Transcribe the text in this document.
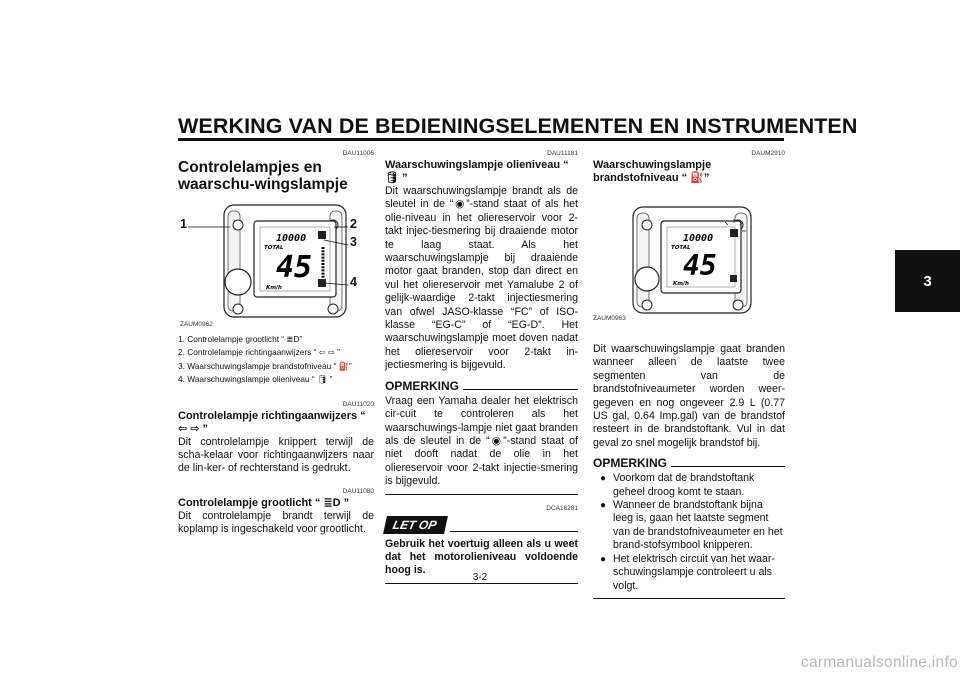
WERKING VAN DE BEDIENINGSELEMENTEN EN INSTRUMENTEN
3
DAU11006
Controlelampjes en waarschu-wingslampje
10000
TOTAL
45
Km/h
1	2
3
4
ZAUM0962
1. Controlelampje grootlicht “ ≣D”
2. Controlelampje richtingaanwijzers “ ⇦ ⇨ ”
3. Waarschuwingslampje brandstofniveau “ ⛽”
4. Waarschuwingslampje olieniveau “ 🛢 ”
DAU11020
Controlelampje richtingaanwijzers “ ⇦ ⇨ ”
Dit controlelampje knippert terwijl de scha-kelaar voor richtingaanwijzers naar de lin-ker- of rechterstand is gedrukt.
DAU11080
Controlelampje grootlicht “ ≣D ”
Dit controlelampje brandt terwijl de koplamp is ingeschakeld voor grootlicht.
DAU11181
Waarschuwingslampje olieniveau “ 🛢 ”
Dit waarschuwingslampje brandt als de sleutel in de “◉”-stand staat of als het olie-niveau in het oliereservoir voor 2-takt injec-tiesmering bij draaiende motor te laag staat. Als het waarschuwingslampje bij draaiende motor gaat branden, stop dan direct en vul het oliereservoir met Yamalube 2 of gelijk-waardige 2-takt injectiesmering van ofwel JASO-klasse “FC” of ISO-klasse “EG-C” of “EG-D”. Het waarschuwingslampje moet doven nadat het oliereservoir voor 2-takt in-jectiesmering is bijgevuld.
OPMERKING
Vraag een Yamaha dealer het elektrisch cir-cuit te controleren als het waarschuwings-lampje niet gaat branden als de sleutel in de “◉”-stand staat of niet dooft nadat de olie in het oliereservoir voor 2-takt injectie-smering is bijgevuld.
DCA16281
LET OP
Gebruik het voertuig alleen als u weet dat het motorolieniveau voldoende hoog is.
DAUM2910
Waarschuwingslampje brandstofniveau “ ⛽”
10000
TOTAL
45
Km/h
ZAUM0963
Dit waarschuwingslampje gaat branden wanneer alleen de laatste twee segmenten van de brandstofniveaumeter worden weer-gegeven en nog ongeveer 2.9 L (0.77 US gal, 0.64 Imp.gal) van de brandstof resteert in de brandstoftank. Vul in dat geval zo snel mogelijk brandstof bij.
OPMERKING
● Voorkom dat de brandstoftank geheel droog komt te staan.
● Wanneer de brandstoftank bijna leeg is, gaan het laatste segment van de brandstofniveaumeter en het brand-stofsymbool knipperen.
● Het elektrisch circuit van het waar-schuwingslampje controleert u als volgt.
3-2
carmanualsonline.info
